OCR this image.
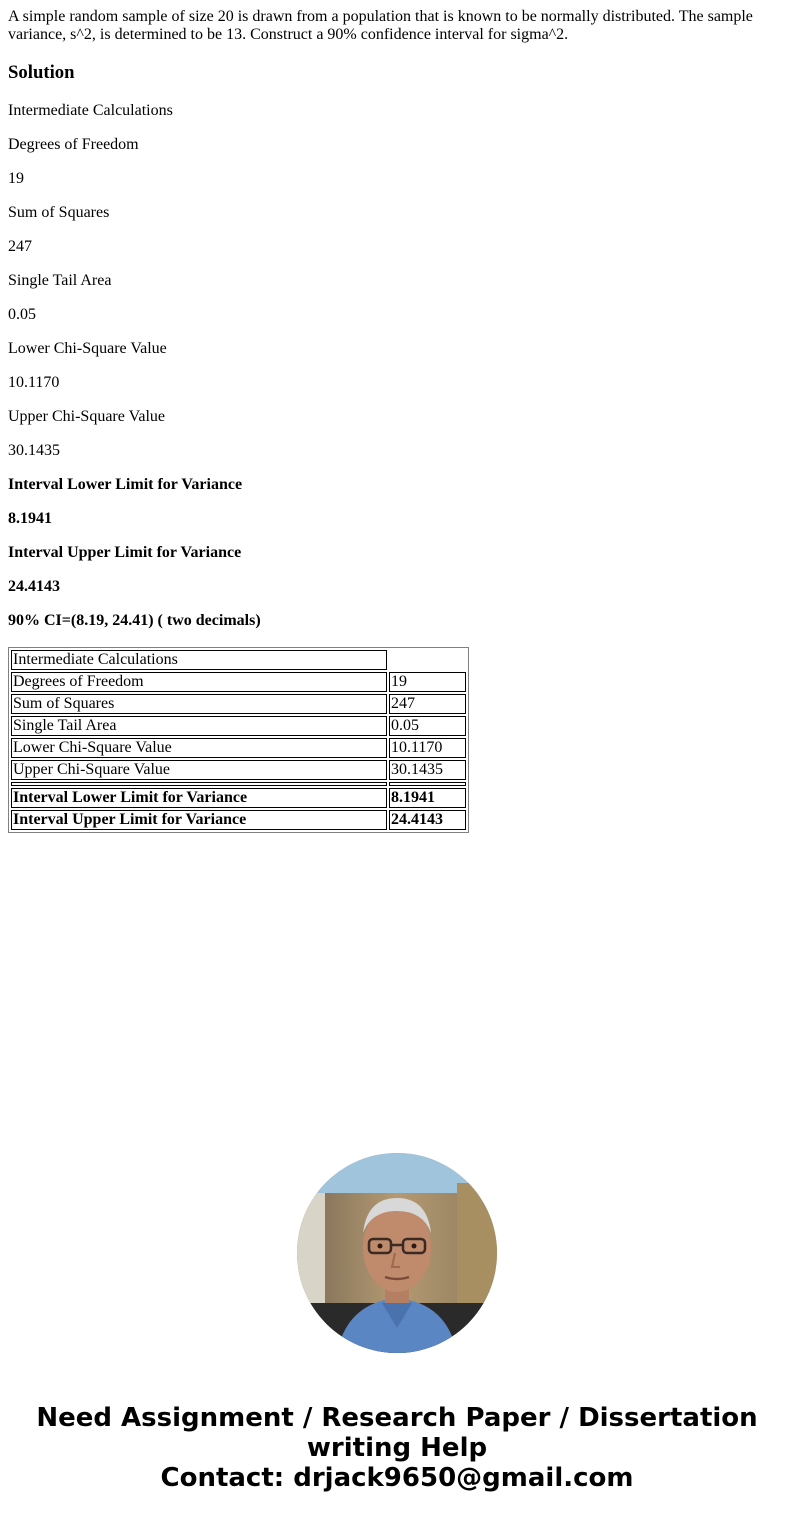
A simple random sample of size 20 is drawn from a population that is known to be normally distributed. The sample variance, s^2, is determined to be 13. Construct a 90% confidence interval for sigma^2.

Solution

Intermediate Calculations

Degrees of Freedom

19

Sum of Squares

247

Single Tail Area

0.05

Lower Chi-Square Value

10.1170

Upper Chi-Square Value

30.1435

Interval Lower Limit for Variance

8.1941

Interval Upper Limit for Variance

24.4143

90% CI=(8.19, 24.41) ( two decimals)

Intermediate Calculations	
Degrees of Freedom	19
Sum of Squares	247
Single Tail Area	0.05
Lower Chi-Square Value	10.1170
Upper Chi-Square Value	30.1435

Interval Lower Limit for Variance	8.1941
Interval Upper Limit for Variance	24.4143
Need Assignment / Research Paper / Dissertation
writing Help
Contact: drjack9650@gmail.com
